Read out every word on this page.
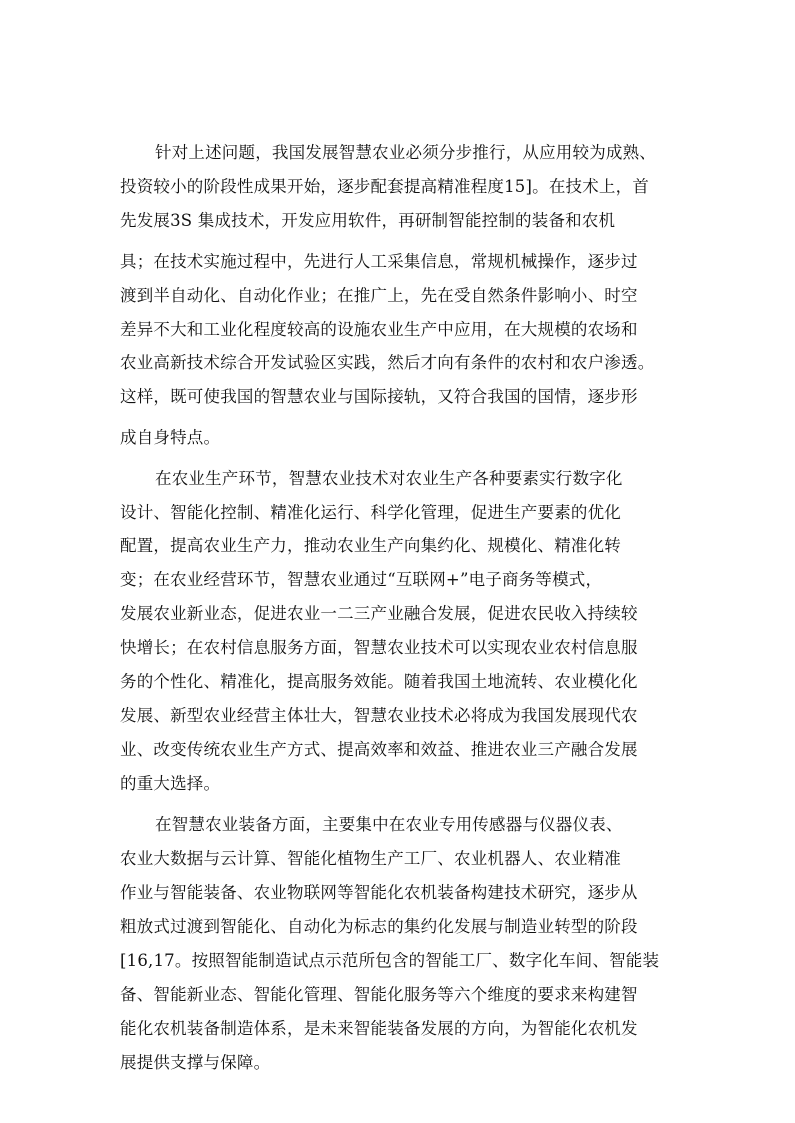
针对上述问题，我国发展智慧农业必须分步推行，从应用较为成熟、
投资较小的阶段性成果开始，逐步配套提高精准程度15]。在技术上，首
先发展3S 集成技术，开发应用软件，再研制智能控制的装备和农机
具；在技术实施过程中，先进行人工采集信息，常规机械操作，逐步过
渡到半自动化、自动化作业；在推广上，先在受自然条件影响小、时空
差异不大和工业化程度较高的设施农业生产中应用，在大规模的农场和
农业高新技术综合开发试验区实践，然后才向有条件的农村和农户渗透。
这样，既可使我国的智慧农业与国际接轨，又符合我国的国情，逐步形
成自身特点。
在农业生产环节，智慧农业技术对农业生产各种要素实行数字化
设计、智能化控制、精准化运行、科学化管理，促进生产要素的优化
配置，提高农业生产力，推动农业生产向集约化、规模化、精准化转
变；在农业经营环节，智慧农业通过“互联网+”电子商务等模式，
发展农业新业态，促进农业一二三产业融合发展，促进农民收入持续较
快增长；在农村信息服务方面，智慧农业技术可以实现农业农村信息服
务的个性化、精准化，提高服务效能。随着我国土地流转、农业模化化
发展、新型农业经营主体壮大，智慧农业技术必将成为我国发展现代农
业、改变传统农业生产方式、提高效率和效益、推进农业三产融合发展
的重大选择。
在智慧农业装备方面，主要集中在农业专用传感器与仪器仪表、
农业大数据与云计算、智能化植物生产工厂、农业机器人、农业精准
作业与智能装备、农业物联网等智能化农机装备构建技术研究，逐步从
粗放式过渡到智能化、自动化为标志的集约化发展与制造业转型的阶段
[16,17。按照智能制造试点示范所包含的智能工厂、数字化车间、智能装
备、智能新业态、智能化管理、智能化服务等六个维度的要求来构建智
能化农机装备制造体系，是未来智能装备发展的方向，为智能化农机发
展提供支撑与保障。
